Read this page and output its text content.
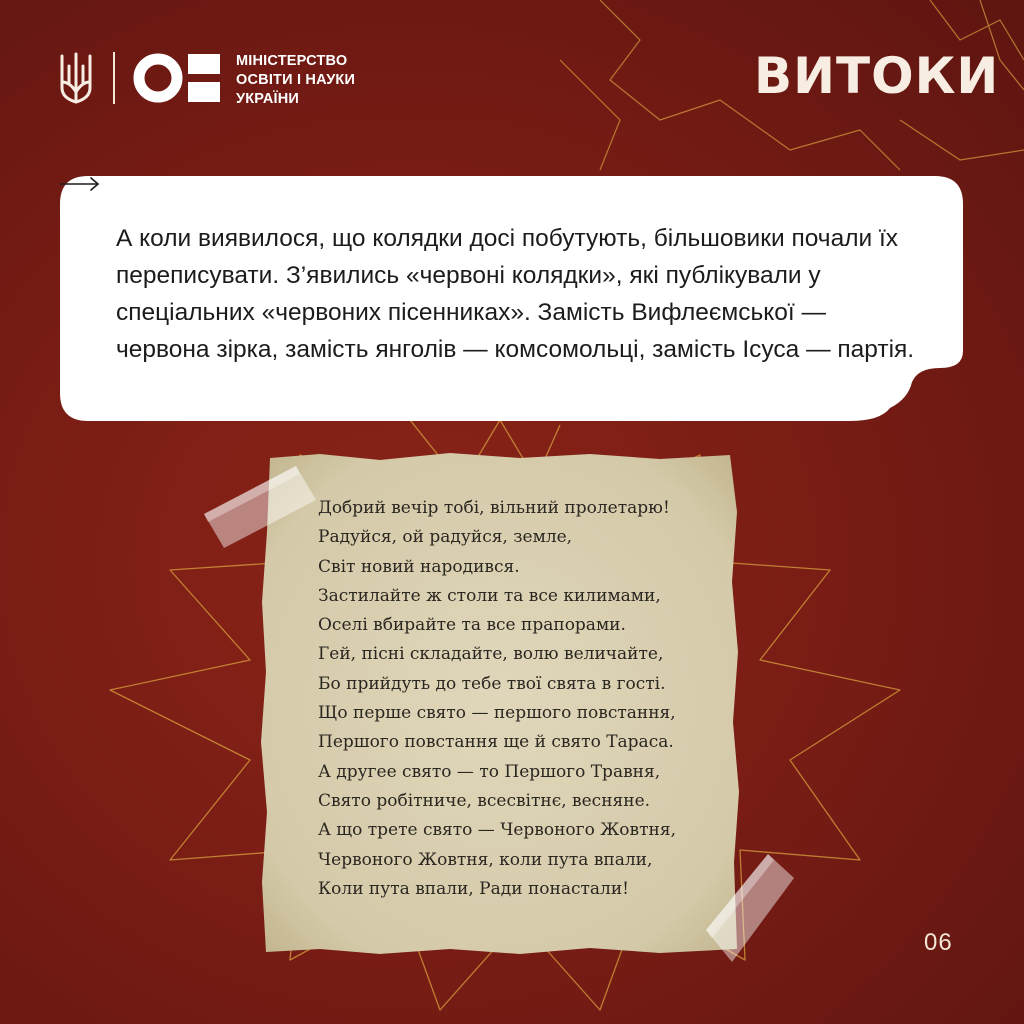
МІНІСТЕРСТВО
ОСВІТИ І НАУКИ
УКРАЇНИ	ВИТОКИ
А коли виявилося, що колядки досі побутують, більшовики почали їх переписувати. З’явились «червоні колядки», які публікували у спеціальних «червоних пісенниках». Замість Вифлеємської — червона зірка, замість янголів — комсомольці, замість Ісуса — партія.
Добрий вечір тобі, вільний пролетарю!
Радуйся, ой радуйся, земле,
Світ новий народився.
Застилайте ж столи та все килимами,
Оселі вбирайте та все прапорами.
Гей, пісні складайте, волю величайте,
Бо прийдуть до тебе твої свята в гості.
Що перше свято — першого повстання,
Першого повстання ще й свято Тараса.
А другее свято — то Першого Травня,
Свято робітниче, всесвітнє, весняне.
А що трете свято — Червоного Жовтня,
Червоного Жовтня, коли пута впали,
Коли пута впали, Ради понастали!
06
